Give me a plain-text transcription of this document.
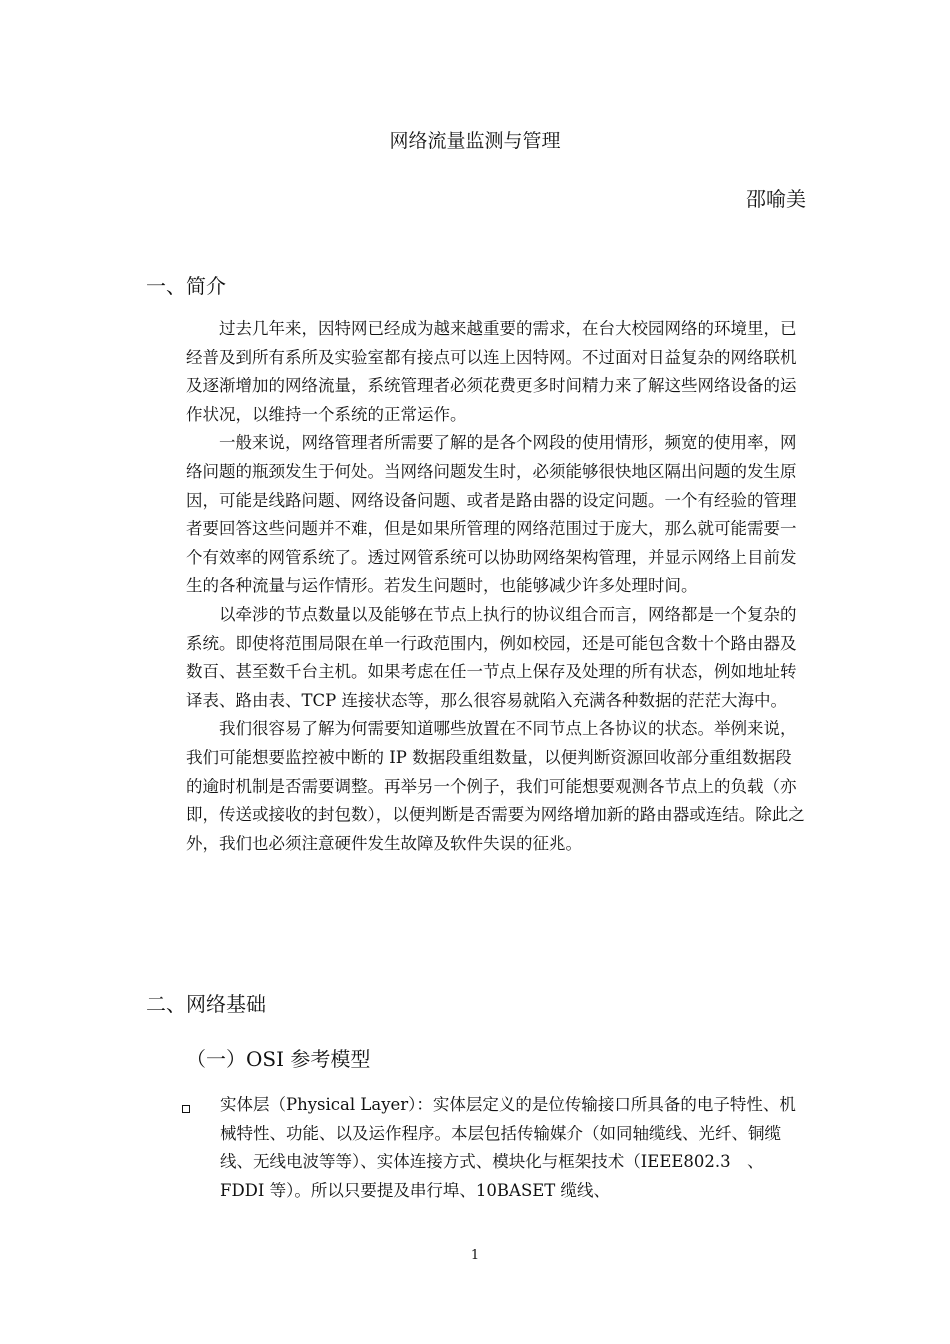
网络流量监测与管理
邵喻美
一、简介

过去几年来，因特网已经成为越来越重要的需求，在台大校园网络的环境里，已经普及到所有系所及实验室都有接点可以连上因特网。不过面对日益复杂的网络联机及逐渐增加的网络流量，系统管理者必须花费更多时间精力来了解这些网络设备的运作状况，以维持一个系统的正常运作。

一般来说，网络管理者所需要了解的是各个网段的使用情形，频宽的使用率，网络问题的瓶颈发生于何处。当网络问题发生时，必须能够很快地区隔出问题的发生原因，可能是线路问题、网络设备问题、或者是路由器的设定问题。一个有经验的管理者要回答这些问题并不难，但是如果所管理的网络范围过于庞大，那么就可能需要一个有效率的网管系统了。透过网管系统可以协助网络架构管理，并显示网络上目前发生的各种流量与运作情形。若发生问题时，也能够减少许多处理时间。

以牵涉的节点数量以及能够在节点上执行的协议组合而言，网络都是一个复杂的系统。即使将范围局限在单一行政范围内，例如校园，还是可能包含数十个路由器及数百、甚至数千台主机。如果考虑在任一节点上保存及处理的所有状态，例如地址转译表、路由表、TCP 连接状态等，那么很容易就陷入充满各种数据的茫茫大海中。

我们很容易了解为何需要知道哪些放置在不同节点上各协议的状态。举例来说，我们可能想要监控被中断的 IP 数据段重组数量，以便判断资源回收部分重组数据段的逾时机制是否需要调整。再举另一个例子，我们可能想要观测各节点上的负载（亦即，传送或接收的封包数），以便判断是否需要为网络增加新的路由器或连结。除此之外，我们也必须注意硬件发生故障及软件失误的征兆。

二、网络基础
（一）OSI 参考模型
实体层（Physical Layer）：实体层定义的是位传输接口所具备的电子特性、机械特性、功能、以及运作程序。本层包括传输媒介（如同轴缆线、光纤、铜缆线、无线电波等等）、实体连接方式、模块化与框架技术（IEEE802.3　、FDDI 等）。所以只要提及串行埠、10BASET 缆线、
1
